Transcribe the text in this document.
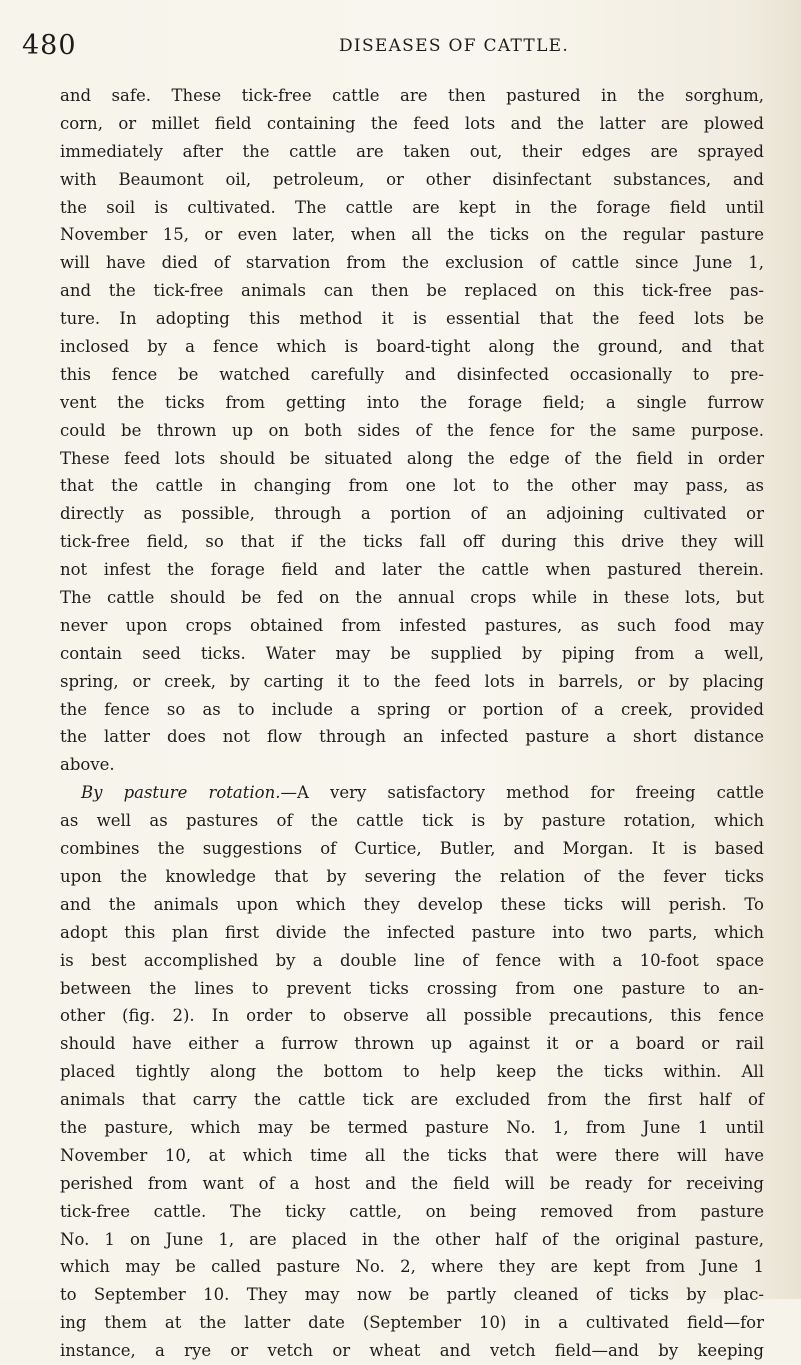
480	DISEASES OF CATTLE.
and safe. These tick-free cattle are then pastured in the sorghum,
corn, or millet field containing the feed lots and the latter are plowed
immediately after the cattle are taken out, their edges are sprayed
with Beaumont oil, petroleum, or other disinfectant substances, and
the soil is cultivated. The cattle are kept in the forage field until
November 15, or even later, when all the ticks on the regular pasture
will have died of starvation from the exclusion of cattle since June 1,
and the tick-free animals can then be replaced on this tick-free pas-
ture. In adopting this method it is essential that the feed lots be
inclosed by a fence which is board-tight along the ground, and that
this fence be watched carefully and disinfected occasionally to pre-
vent the ticks from getting into the forage field; a single furrow
could be thrown up on both sides of the fence for the same purpose.
These feed lots should be situated along the edge of the field in order
that the cattle in changing from one lot to the other may pass, as
directly as possible, through a portion of an adjoining cultivated or
tick-free field, so that if the ticks fall off during this drive they will
not infest the forage field and later the cattle when pastured therein.
The cattle should be fed on the annual crops while in these lots, but
never upon crops obtained from infested pastures, as such food may
contain seed ticks. Water may be supplied by piping from a well,
spring, or creek, by carting it to the feed lots in barrels, or by placing
the fence so as to include a spring or portion of a creek, provided
the latter does not flow through an infected pasture a short distance
above.
By pasture rotation.—A very satisfactory method for freeing cattle
as well as pastures of the cattle tick is by pasture rotation, which
combines the suggestions of Curtice, Butler, and Morgan. It is based
upon the knowledge that by severing the relation of the fever ticks
and the animals upon which they develop these ticks will perish. To
adopt this plan first divide the infected pasture into two parts, which
is best accomplished by a double line of fence with a 10-foot space
between the lines to prevent ticks crossing from one pasture to an-
other (fig. 2). In order to observe all possible precautions, this fence
should have either a furrow thrown up against it or a board or rail
placed tightly along the bottom to help keep the ticks within. All
animals that carry the cattle tick are excluded from the first half of
the pasture, which may be termed pasture No. 1, from June 1 until
November 10, at which time all the ticks that were there will have
perished from want of a host and the field will be ready for receiving
tick-free cattle. The ticky cattle, on being removed from pasture
No. 1 on June 1, are placed in the other half of the original pasture,
which may be called pasture No. 2, where they are kept from June 1
to September 10. They may now be partly cleaned of ticks by plac-
ing them at the latter date (September 10) in a cultivated field—for
instance, a rye or vetch or wheat and vetch field—and by keeping
